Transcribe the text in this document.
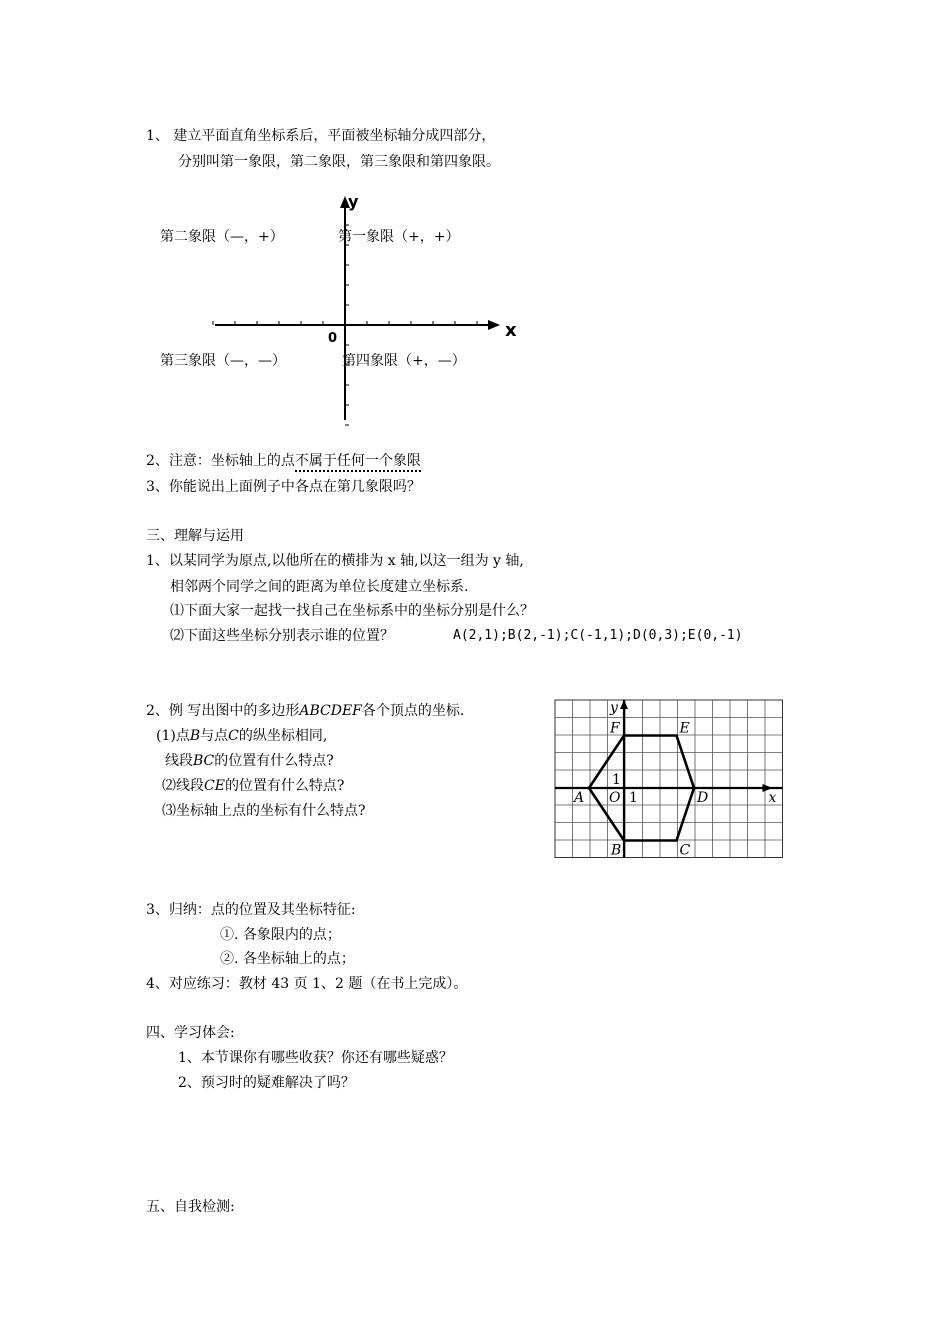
1、 建立平面直角坐标系后，平面被坐标轴分成四部分，
分别叫第一象限，第二象限，第三象限和第四象限。
y
x
0
第二象限（—，+）	第一象限（+，+）
第三象限（—，—）	第四象限（+，—）
2、注意：坐标轴上的点不属于任何一个象限
3、你能说出上面例子中各点在第几象限吗？
三、理解与运用
1、以某同学为原点,以他所在的横排为 x 轴,以这一组为 y 轴,
相邻两个同学之间的距离为单位长度建立坐标系.
⑴下面大家一起找一找自己在坐标系中的坐标分别是什么？
⑵下面这些坐标分别表示谁的位置？	A(2,1);B(2,-1);C(-1,1);D(0,3);E(0,-1)
2、例 写出图中的多边形ABCDEF各个顶点的坐标.
(1)点B与点C的纵坐标相同,
线段BC的位置有什么特点?
⑵线段CE的位置有什么特点?
⑶坐标轴上点的坐标有什么特点?
A
B	C
D
E
F
O 1
1
x
y
3、归纳：点的位置及其坐标特征:
①. 各象限内的点；
②. 各坐标轴上的点；
4、对应练习：教材 43 页 1、2 题（在书上完成）。
四、学习体会:
1、本节课你有哪些收获？你还有哪些疑惑？
2、预习时的疑难解决了吗？
五、自我检测:
